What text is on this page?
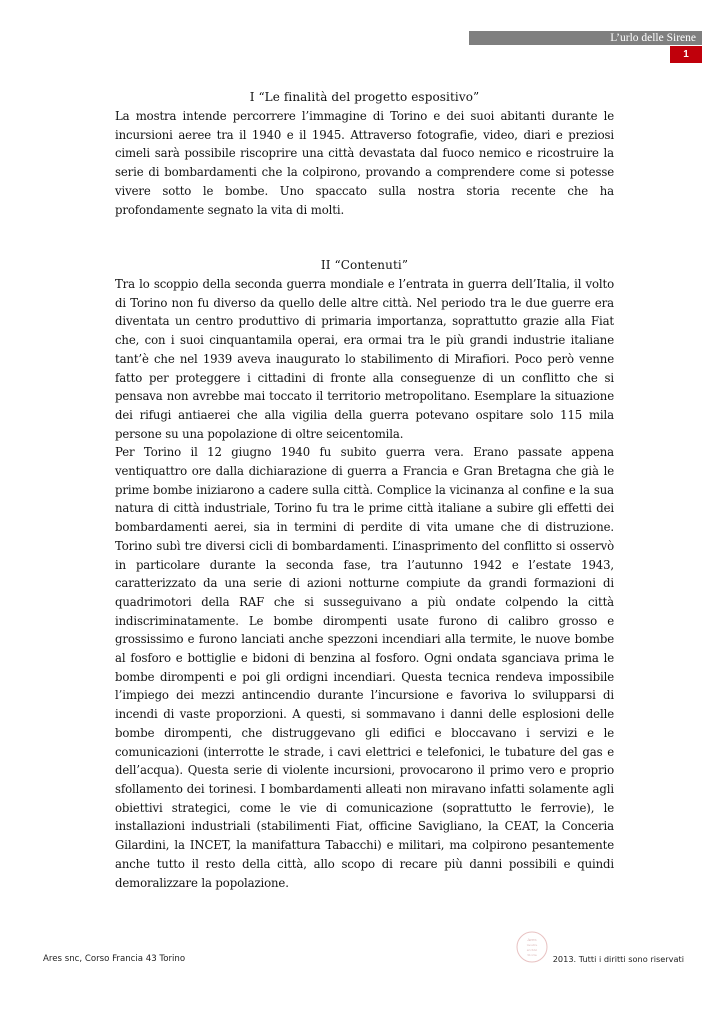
L’urlo delle Sirene
1
I “Le finalità del progetto espositivo”

La mostra intende percorrere l’immagine di Torino e dei suoi abitanti durante le incursioni aeree tra il 1940 e il 1945. Attraverso fotografie, video, diari e preziosi cimeli sarà possibile riscoprire una città devastata dal fuoco nemico e ricostruire la serie di bombardamenti che la colpirono, provando a comprendere come si potesse vivere sotto le bombe. Uno spaccato sulla nostra storia recente che ha profondamente segnato la vita di molti.

II “Contenuti”

Tra lo scoppio della seconda guerra mondiale e l’entrata in guerra dell’Italia, il volto di Torino non fu diverso da quello delle altre città. Nel periodo tra le due guerre era diventata un centro produttivo di primaria importanza, soprattutto grazie alla Fiat che, con i suoi cinquantamila operai, era ormai tra le più grandi industrie italiane tant’è che nel 1939 aveva inaugurato lo stabilimento di Mirafiori. Poco però venne fatto per proteggere i cittadini di fronte alla conseguenze di un conflitto che si pensava non avrebbe mai toccato il territorio metropolitano. Esemplare la situazione dei rifugi antiaerei che alla vigilia della guerra potevano ospitare solo 115 mila persone su una popolazione di oltre seicentomila.

Per Torino il 12 giugno 1940 fu subito guerra vera. Erano passate appena ventiquattro ore dalla dichiarazione di guerra a Francia e Gran Bretagna che già le prime bombe iniziarono a cadere sulla città. Complice la vicinanza al confine e la sua natura di città industriale, Torino fu tra le prime città italiane a subire gli effetti dei bombardamenti aerei, sia in termini di perdite di vita umane che di distruzione. Torino subì tre diversi cicli di bombardamenti. L’inasprimento del conflitto si osservò in particolare durante la seconda fase, tra l’autunno 1942 e l’estate 1943, caratterizzato da una serie di azioni notturne compiute da grandi formazioni di quadrimotori della RAF che si susseguivano a più ondate colpendo la città indiscriminatamente. Le bombe dirompenti usate furono di calibro grosso e grossissimo e furono lanciati anche spezzoni incendiari alla termite, le nuove bombe al fosforo e bottiglie e bidoni di benzina al fosforo. Ogni ondata sganciava prima le bombe dirompenti e poi gli ordigni incendiari. Questa tecnica rendeva impossibile l’impiego dei mezzi antincendio durante l’incursione e favoriva lo svilupparsi di incendi di vaste proporzioni. A questi, si sommavano i danni delle esplosioni delle bombe dirompenti, che distruggevano gli edifici e bloccavano i servizi e le comunicazioni (interrotte le strade, i cavi elettrici e telefonici, le tubature del gas e dell’acqua). Questa serie di violente incursioni, provocarono il primo vero e proprio sfollamento dei torinesi. I bombardamenti alleati non miravano infatti solamente agli obiettivi strategici, come le vie di comunicazione (soprattutto le ferrovie), le installazioni industriali (stabilimenti Fiat, officine Savigliano, la CEAT, la Conceria Gilardini, la INCET, la manifattura Tabacchi) e militari, ma colpirono pesantemente anche tutto il resto della città, allo scopo di recare più danni possibili e quindi demoralizzare la popolazione.

Ares snc, Corso Francia 43 Torino
Ares
mostre
archivi
Storia 2013. Tutti i diritti sono riservati
